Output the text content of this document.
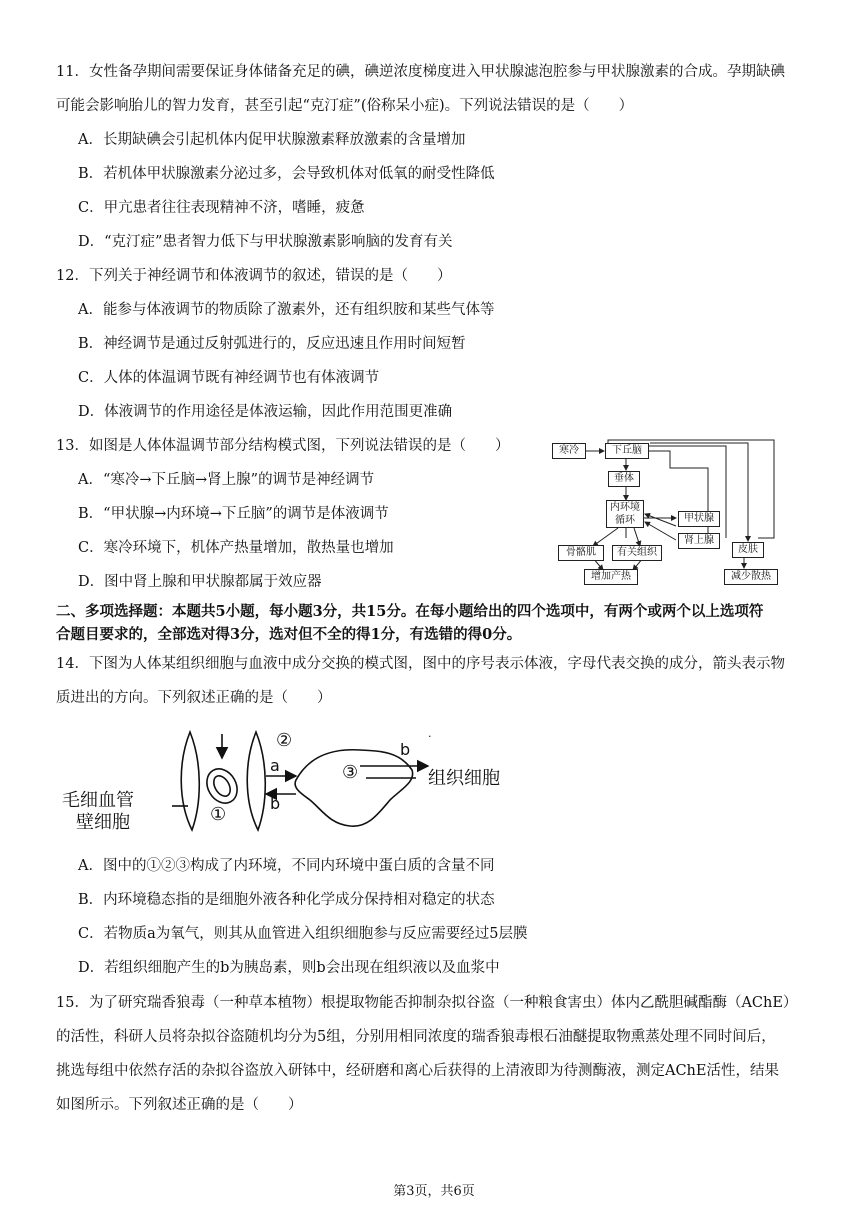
11．女性备孕期间需要保证身体储备充足的碘，碘逆浓度梯度进入甲状腺滤泡腔参与甲状腺激素的合成。孕期缺碘
可能会影响胎儿的智力发育，甚至引起“克汀症”(俗称呆小症)。下列说法错误的是（　　）
A．长期缺碘会引起机体内促甲状腺激素释放激素的含量增加
B．若机体甲状腺激素分泌过多，会导致机体对低氧的耐受性降低
C．甲亢患者往往表现精神不济，嗜睡，疲惫
D．“克汀症”患者智力低下与甲状腺激素影响脑的发育有关
12．下列关于神经调节和体液调节的叙述，错误的是（　　）
A．能参与体液调节的物质除了激素外，还有组织胺和某些气体等
B．神经调节是通过反射弧进行的，反应迅速且作用时间短暂
C．人体的体温调节既有神经调节也有体液调节
D．体液调节的作用途径是体液运输，因此作用范围更准确
13．如图是人体体温调节部分结构模式图，下列说法错误的是（　　）
A．“寒冷→下丘脑→肾上腺”的调节是神经调节
B．“甲状腺→内环境→下丘脑”的调节是体液调节
C．寒冷环境下，机体产热量增加，散热量也增加
D．图中肾上腺和甲状腺都属于效应器
寒冷	下丘脑
垂体
内环境
循环	甲状腺
肾上腺
骨骼肌	有关组织	皮肤
增加产热	减少散热
二、多项选择题：本题共5小题，每小题3分，共15分。在每小题给出的四个选项中，有两个或两个以上选项符
合题目要求的，全部选对得3分，选对但不全的得1分，有选错的得0分。
14．下图为人体某组织细胞与血液中成分交换的模式图，图中的序号表示体液，字母代表交换的成分，箭头表示物
质进出的方向。下列叙述正确的是（　　）
·
毛细血管
壁细胞	①
②
③
a
b
b
组织细胞
A．图中的①②③构成了内环境，不同内环境中蛋白质的含量不同
B．内环境稳态指的是细胞外液各种化学成分保持相对稳定的状态
C．若物质a为氧气，则其从血管进入组织细胞参与反应需要经过5层膜
D．若组织细胞产生的b为胰岛素，则b会出现在组织液以及血浆中
15．为了研究瑞香狼毒（一种草本植物）根提取物能否抑制杂拟谷盗（一种粮食害虫）体内乙酰胆碱酯酶（AChE）
的活性，科研人员将杂拟谷盗随机均分为5组，分别用相同浓度的瑞香狼毒根石油醚提取物熏蒸处理不同时间后，
挑选每组中依然存活的杂拟谷盗放入研钵中，经研磨和离心后获得的上清液即为待测酶液，测定AChE活性，结果
如图所示。下列叙述正确的是（　　）
第3页，共6页
